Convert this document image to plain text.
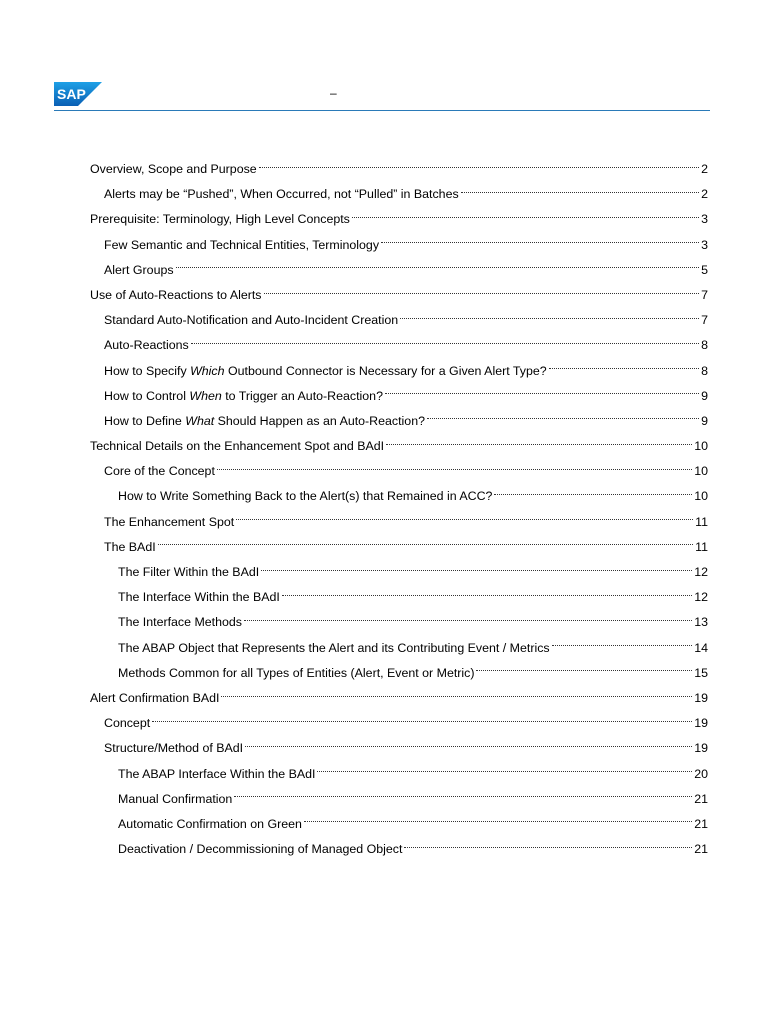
SAP	–
Overview, Scope and Purpose	2
Alerts may be “Pushed”, When Occurred, not “Pulled” in Batches	2
Prerequisite: Terminology, High Level Concepts	3
Few Semantic and Technical Entities, Terminology	3
Alert Groups	5
Use of Auto-Reactions to Alerts	7
Standard Auto-Notification and Auto-Incident Creation	7
Auto-Reactions	8
How to Specify Which Outbound Connector is Necessary for a Given Alert Type?	8
How to Control When to Trigger an Auto-Reaction?	9
How to Define What Should Happen as an Auto-Reaction?	9
Technical Details on the Enhancement Spot and BAdI	10
Core of the Concept	10
How to Write Something Back to the Alert(s) that Remained in ACC?	10
The Enhancement Spot	11
The BAdI	11
The Filter Within the BAdI	12
The Interface Within the BAdI	12
The Interface Methods	13
The ABAP Object that Represents the Alert and its Contributing Event / Metrics	14
Methods Common for all Types of Entities (Alert, Event or Metric)	15
Alert Confirmation BAdI	19
Concept	19
Structure/Method of BAdI	19
The ABAP Interface Within the BAdI	20
Manual Confirmation	21
Automatic Confirmation on Green	21
Deactivation / Decommissioning of Managed Object	21
